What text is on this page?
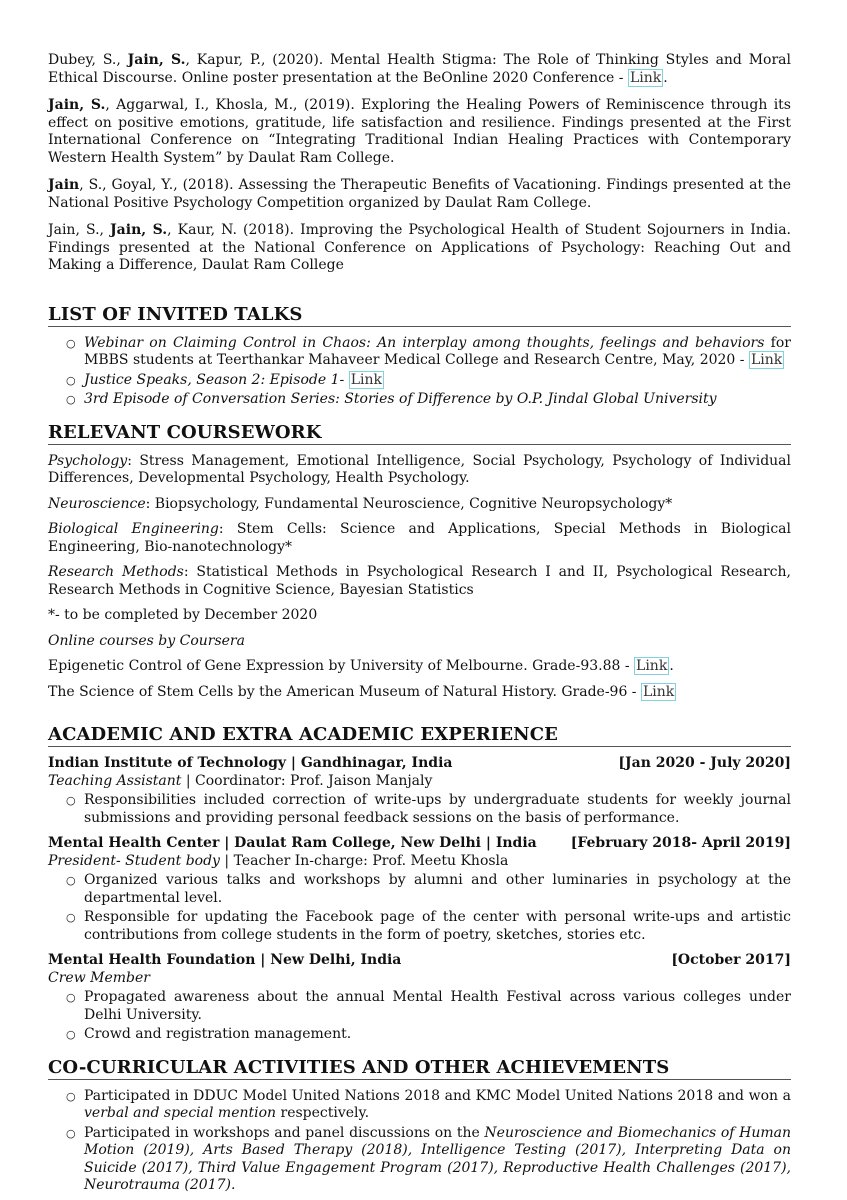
Dubey, S., Jain, S., Kapur, P., (2020). Mental Health Stigma: The Role of Thinking Styles and Moral Ethical Discourse. Online poster presentation at the BeOnline 2020 Conference - Link .

Jain, S., Aggarwal, I., Khosla, M., (2019). Exploring the Healing Powers of Reminiscence through its effect on positive emotions, gratitude, life satisfaction and resilience. Findings presented at the First International Conference on “Integrating Traditional Indian Healing Practices with Contemporary Western Health System” by Daulat Ram College.

Jain, S., Goyal, Y., (2018). Assessing the Therapeutic Benefits of Vacationing. Findings presented at the National Positive Psychology Competition organized by Daulat Ram College.

Jain, S., Jain, S., Kaur, N. (2018). Improving the Psychological Health of Student Sojourners in India. Findings presented at the National Conference on Applications of Psychology: Reaching Out and Making a Difference, Daulat Ram College

LIST OF INVITED TALKS
○ Webinar on Claiming Control in Chaos: An interplay among thoughts, feelings and behaviors for MBBS students at Teerthankar Mahaveer Medical College and Research Centre, May, 2020 - Link
○ Justice Speaks, Season 2: Episode 1- Link
○ 3rd Episode of Conversation Series: Stories of Difference by O.P. Jindal Global University
RELEVANT COURSEWORK

Psychology: Stress Management, Emotional Intelligence, Social Psychology, Psychology of Individual Differences, Developmental Psychology, Health Psychology.

Neuroscience: Biopsychology, Fundamental Neuroscience, Cognitive Neuropsychology*

Biological Engineering: Stem Cells: Science and Applications, Special Methods in Biological Engineering, Bio-nanotechnology*

Research Methods: Statistical Methods in Psychological Research I and II, Psychological Research, Research Methods in Cognitive Science, Bayesian Statistics

*- to be completed by December 2020

Online courses by Coursera

Epigenetic Control of Gene Expression by University of Melbourne. Grade-93.88 - Link .

The Science of Stem Cells by the American Museum of Natural History. Grade-96 - Link

ACADEMIC AND EXTRA ACADEMIC EXPERIENCE
Indian Institute of Technology | Gandhinagar, India	[Jan 2020 - July 2020]
Teaching Assistant | Coordinator: Prof. Jaison Manjaly
○ Responsibilities included correction of write-ups by undergraduate students for weekly journal submissions and providing personal feedback sessions on the basis of performance.
Mental Health Center | Daulat Ram College, New Delhi | India [February 2018- April 2019]
President- Student body | Teacher In-charge: Prof. Meetu Khosla
○ Organized various talks and workshops by alumni and other luminaries in psychology at the departmental level.
○ Responsible for updating the Facebook page of the center with personal write-ups and artistic contributions from college students in the form of poetry, sketches, stories etc.
Mental Health Foundation | New Delhi, India	[October 2017]
Crew Member
○ Propagated awareness about the annual Mental Health Festival across various colleges under Delhi University.
○ Crowd and registration management.
CO-CURRICULAR ACTIVITIES AND OTHER ACHIEVEMENTS
○ Participated in DDUC Model United Nations 2018 and KMC Model United Nations 2018 and won a verbal and special mention respectively.
○ Participated in workshops and panel discussions on the Neuroscience and Biomechanics of Human Motion (2019), Arts Based Therapy (2018), Intelligence Testing (2017), Interpreting Data on Suicide (2017), Third Value Engagement Program (2017), Reproductive Health Challenges (2017), Neurotrauma (2017).
